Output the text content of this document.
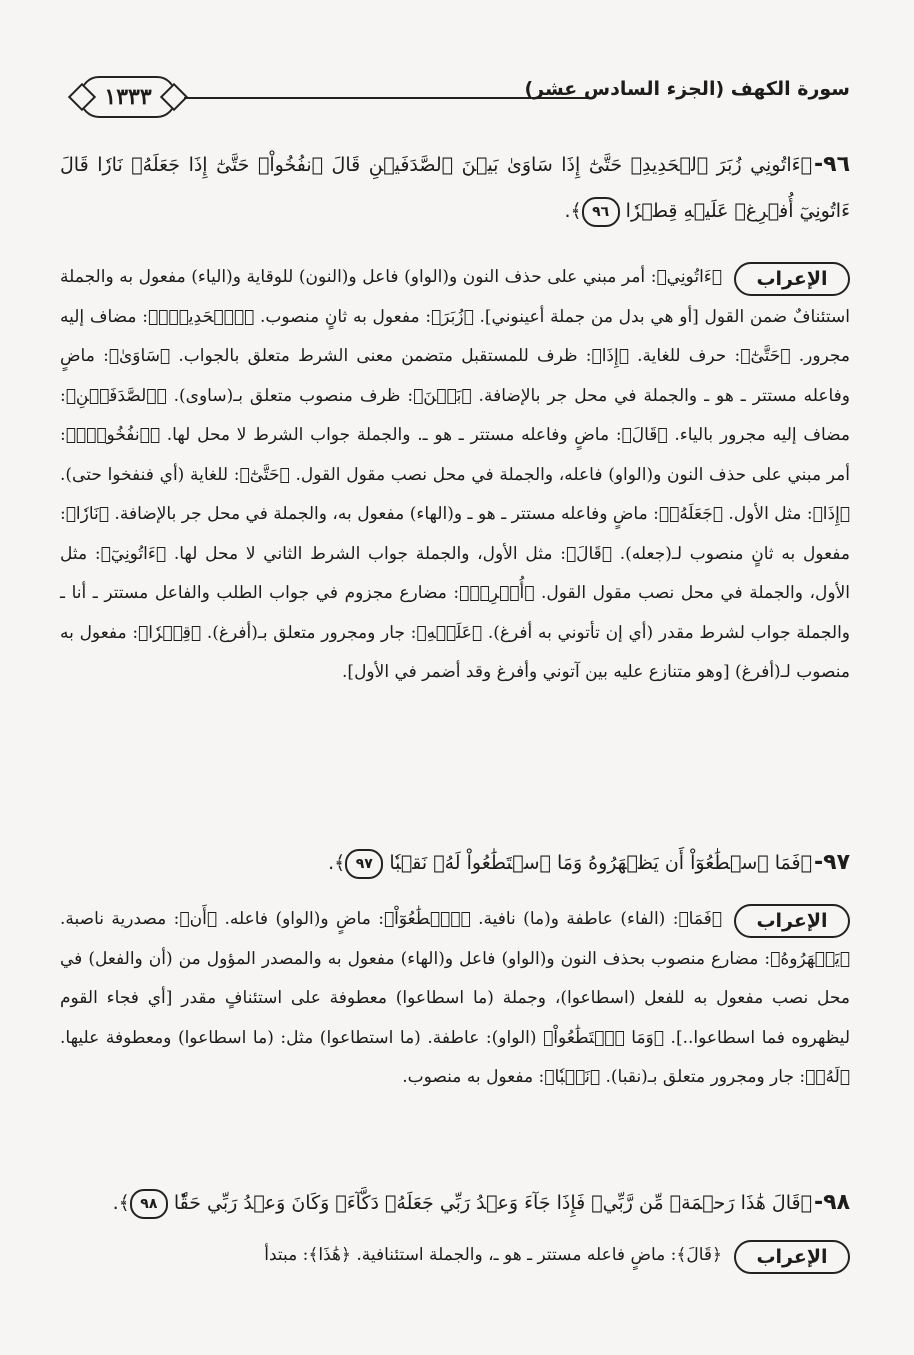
١٣٣٣	سورة الكهف (الجزء السادس عشر)
٩٦-﴿ءَاتُونِي زُبَرَ ٱلۡحَدِيدِۖ حَتَّىٰٓ إِذَا سَاوَىٰ بَيۡنَ ٱلصَّدَفَيۡنِ قَالَ ٱنفُخُواْۖ حَتَّىٰٓ إِذَا جَعَلَهُۥ نَارٗا قَالَ ءَاتُونِيٓ أُفۡرِغۡ عَلَيۡهِ قِطۡرٗا ٩٦﴾.
الإعراب
﴿ءَاتُونِي﴾: أمر مبني على حذف النون و(الواو) فاعل و(النون) للوقاية و(الياء) مفعول به والجملة استئنافٌ ضمن القول [أو هي بدل من جملة أعينوني]. ﴿زُبَرَ﴾: مفعول به ثانٍ منصوب. ﴿ٱلۡحَدِيدِۖ﴾: مضاف إليه مجرور. ﴿حَتَّىٰٓ﴾: حرف للغاية. ﴿إِذَا﴾: ظرف للمستقبل متضمن معنى الشرط متعلق بالجواب. ﴿سَاوَىٰ﴾: ماضٍ وفاعله مستتر ـ هو ـ والجملة في محل جر بالإضافة. ﴿بَيۡنَ﴾: ظرف منصوب متعلق بـ(ساوى). ﴿ٱلصَّدَفَيۡنِ﴾: مضاف إليه مجرور بالياء. ﴿قَالَ﴾: ماضٍ وفاعله مستتر ـ هو ـ. والجملة جواب الشرط لا محل لها. ﴿ٱنفُخُواْۖ﴾: أمر مبني على حذف النون و(الواو) فاعله، والجملة في محل نصب مقول القول. ﴿حَتَّىٰٓ﴾: للغاية (أي فنفخوا حتى). ﴿إِذَا﴾: مثل الأول. ﴿جَعَلَهُۥ﴾: ماضٍ وفاعله مستتر ـ هو ـ و(الهاء) مفعول به، والجملة في محل جر بالإضافة. ﴿نَارٗا﴾: مفعول به ثانٍ منصوب لـ(جعله). ﴿قَالَ﴾: مثل الأول، والجملة جواب الشرط الثاني لا محل لها. ﴿ءَاتُونِيٓ﴾: مثل الأول، والجملة في محل نصب مقول القول. ﴿أُفۡرِغۡ﴾: مضارع مجزوم في جواب الطلب والفاعل مستتر ـ أنا ـ والجملة جواب لشرط مقدر (أي إن تأتوني به أفرغ). ﴿عَلَيۡهِ﴾: جار ومجرور متعلق بـ(أفرغ). ﴿قِطۡرٗا﴾: مفعول به منصوب لـ(أفرغ) [وهو متنازع عليه بين آتوني وأفرغ وقد أضمر في الأول].
٩٧-﴿فَمَا ٱسۡطَٰعُوٓاْ أَن يَظۡهَرُوهُ وَمَا ٱسۡتَطَٰعُواْ لَهُۥ نَقۡبٗا ٩٧﴾.
الإعراب
﴿فَمَا﴾: (الفاء) عاطفة و(ما) نافية. ﴿ٱسۡطَٰعُوٓاْ﴾: ماضٍ و(الواو) فاعله. ﴿أَن﴾: مصدرية ناصبة. ﴿يَظۡهَرُوهُ﴾: مضارع منصوب بحذف النون و(الواو) فاعل و(الهاء) مفعول به والمصدر المؤول من (أن والفعل) في محل نصب مفعول به للفعل (اسطاعوا)، وجملة (ما اسطاعوا) معطوفة على استئنافٍ مقدر [أي فجاء القوم ليظهروه فما اسطاعوا..]. ﴿وَمَا ٱسۡتَطَٰعُواْ﴾ (الواو): عاطفة. (ما استطاعوا) مثل: (ما اسطاعوا) ومعطوفة عليها. ﴿لَهُۥ﴾: جار ومجرور متعلق بـ(نقبا). ﴿نَقۡبٗا﴾: مفعول به منصوب.
٩٨-﴿قَالَ هَٰذَا رَحۡمَةٞ مِّن رَّبِّيۖ فَإِذَا جَآءَ وَعۡدُ رَبِّي جَعَلَهُۥ دَكَّآءَۖ وَكَانَ وَعۡدُ رَبِّي حَقّٗا ٩٨﴾.
الإعراب
﴿قَالَ﴾: ماضٍ فاعله مستتر ـ هو ـ، والجملة استئنافية. ﴿هَٰذَا﴾: مبتدأ
